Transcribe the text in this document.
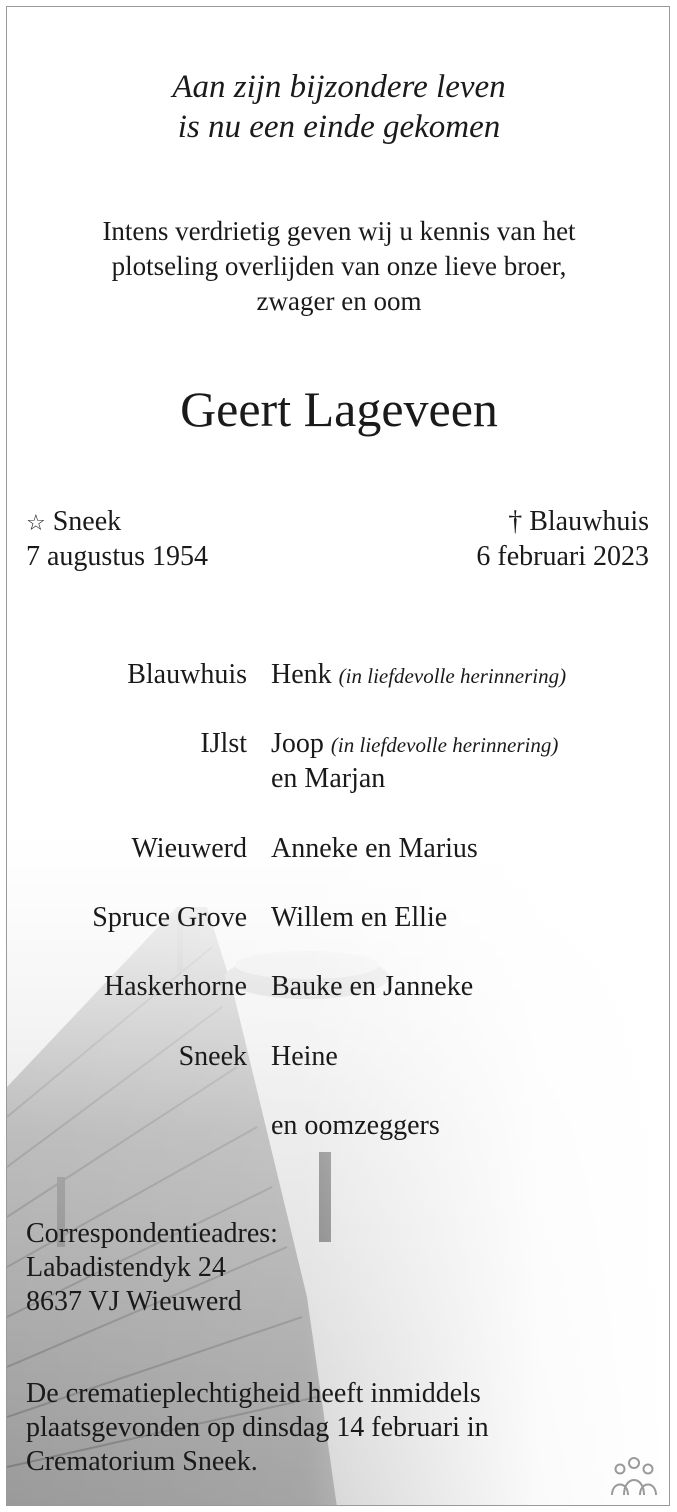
Aan zijn bijzondere leven
is nu een einde gekomen
Intens verdrietig geven wij u kennis van het
plotseling overlijden van onze lieve broer,
zwager en oom
Geert Lageveen
☆ Sneek
7 augustus 1954
† Blauwhuis
6 februari 2023
Blauwhuis Henk (in liefdevolle herinnering)
IJlst Joop (in liefdevolle herinnering)
en Marjan
Wieuwerd Anneke en Marius
Spruce Grove Willem en Ellie
Haskerhorne Bauke en Janneke
Sneek Heine
en oomzeggers
Correspondentieadres:
Labadistendyk 24
8637 VJ Wieuwerd
De crematieplechtigheid heeft inmiddels
plaatsgevonden op dinsdag 14 februari in
Crematorium Sneek.
